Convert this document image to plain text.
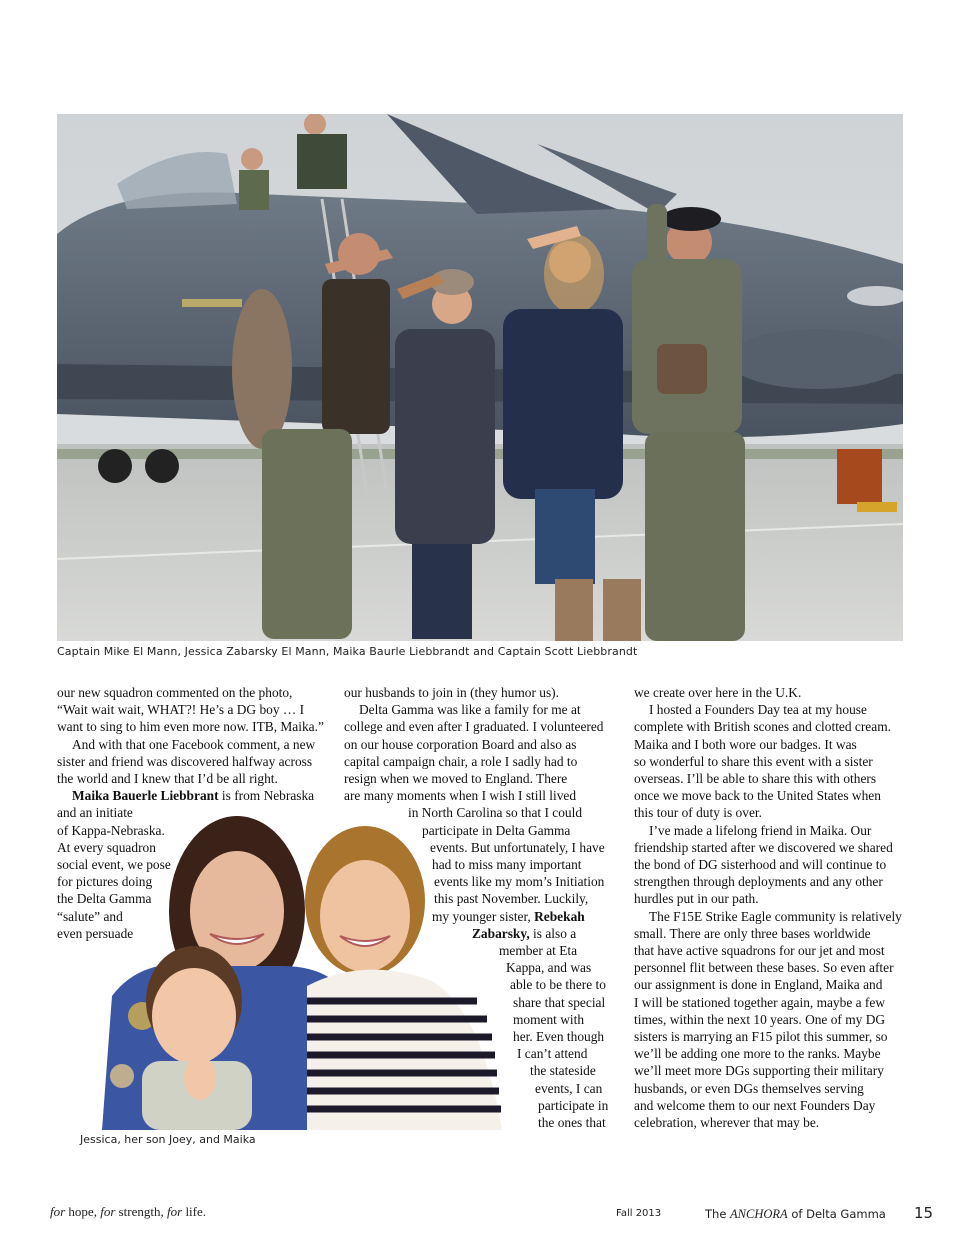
Captain Mike El Mann, Jessica Zabarsky El Mann, Maika Baurle Liebbrandt and Captain Scott Liebbrandt
our new squadron commented on the photo,
“Wait wait wait, WHAT?! He’s a DG boy … I
want to sing to him even more now. ITB, Maika.”
And with that one Facebook comment, a new
sister and friend was discovered halfway across
the world and I knew that I’d be all right.
Maika Bauerle Liebbrant is from Nebraska
and an initiate
of Kappa-Nebraska.
At every squadron
social event, we pose
for pictures doing
the Delta Gamma
“salute” and
even persuade
our husbands to join in (they humor us).
Delta Gamma was like a family for me at
college and even after I graduated. I volunteered
on our house corporation Board and also as
capital campaign chair, a role I sadly had to
resign when we moved to England. There
are many moments when I wish I still lived
in North Carolina so that I could
participate in Delta Gamma
events. But unfortunately, I have
had to miss many important
events like my mom’s Initiation
this past November. Luckily,
my younger sister, Rebekah
Zabarsky, is also a
member at Eta
Kappa, and was
able to be there to
share that special
moment with
her. Even though
I can’t attend
the stateside
events, I can
participate in
the ones that
we create over here in the U.K.
I hosted a Founders Day tea at my house
complete with British scones and clotted cream.
Maika and I both wore our badges. It was
so wonderful to share this event with a sister
overseas. I’ll be able to share this with others
once we move back to the United States when
this tour of duty is over.
I’ve made a lifelong friend in Maika. Our
friendship started after we discovered we shared
the bond of DG sisterhood and will continue to
strengthen through deployments and any other
hurdles put in our path.
The F15E Strike Eagle community is relatively
small. There are only three bases worldwide
that have active squadrons for our jet and most
personnel flit between these bases. So even after
our assignment is done in England, Maika and
I will be stationed together again, maybe a few
times, within the next 10 years. One of my DG
sisters is marrying an F15 pilot this summer, so
we’ll be adding one more to the ranks. Maybe
we’ll meet more DGs supporting their military
husbands, or even DGs themselves serving
and welcome them to our next Founders Day
celebration, wherever that may be.
Jessica, her son Joey, and Maika
for hope, for strength, for life.	Fall 2013	The ANCHORA of Delta Gamma 15
